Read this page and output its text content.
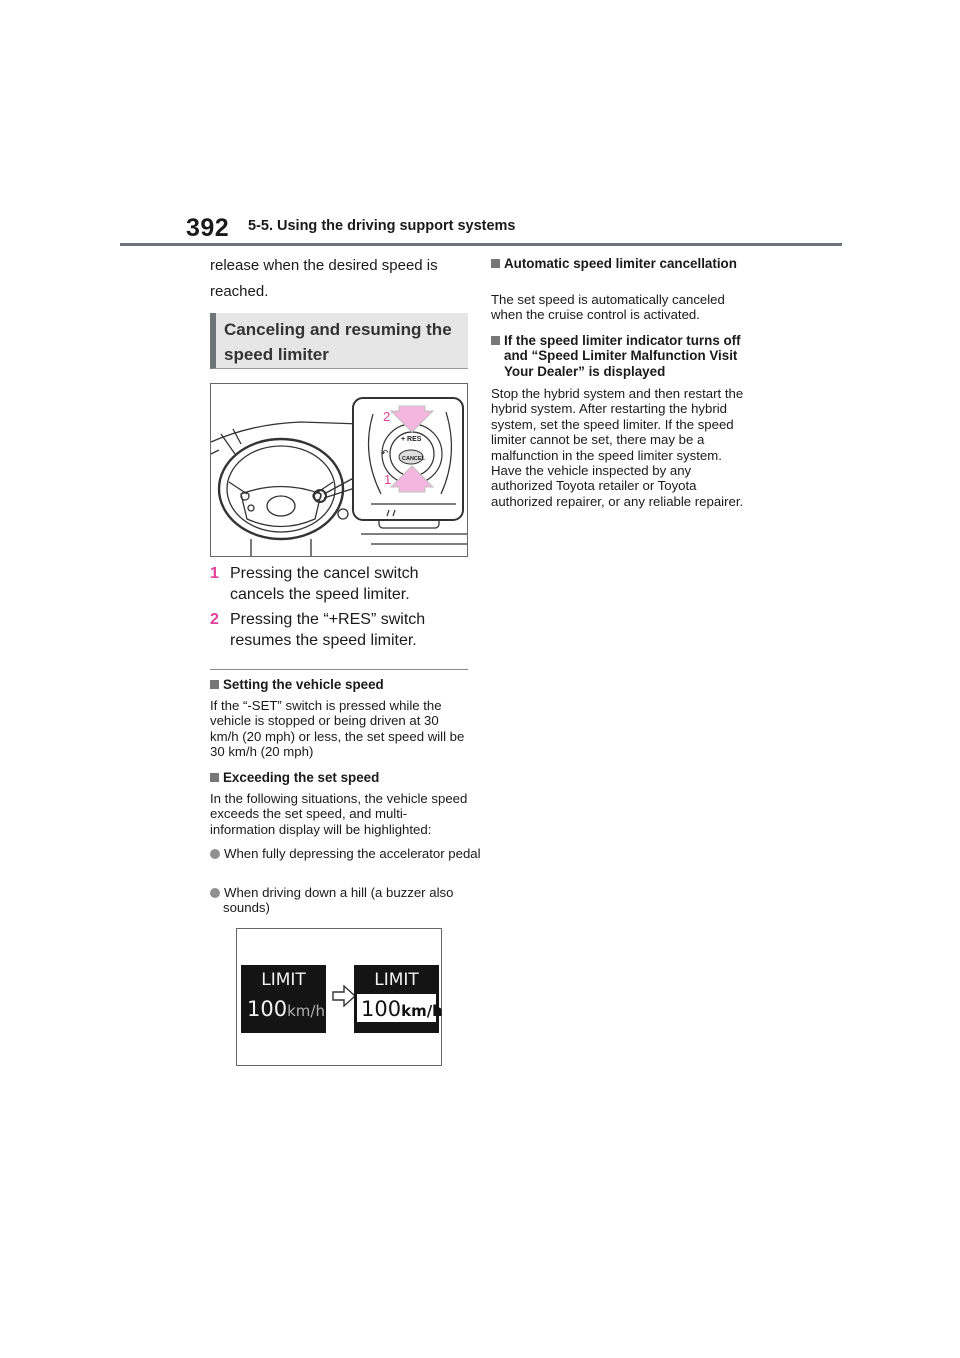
392 5-5. Using the driving support systems
release when the desired speed is reached.
Canceling and resuming the speed limiter
+ RES
CANCEL
↶
2
1
1 Pressing the cancel switch cancels the speed limiter.
2 Pressing the “+RES” switch resumes the speed limiter.
Setting the vehicle speed
If the “-SET” switch is pressed while the vehicle is stopped or being driven at 30 km/h (20 mph) or less, the set speed will be 30 km/h (20 mph)
Exceeding the set speed
In the following situations, the vehicle speed exceeds the set speed, and multi-information display will be highlighted:
When fully depressing the accelerator pedal
When driving down a hill (a buzzer also sounds)
LIMIT
100km/h
LIMIT
100km/h
Automatic speed limiter cancellation
The set speed is automatically canceled when the cruise control is activated.
If the speed limiter indicator turns off and “Speed Limiter Malfunction Visit Your Dealer” is displayed
Stop the hybrid system and then restart the hybrid system. After restarting the hybrid system, set the speed limiter. If the speed limiter cannot be set, there may be a malfunction in the speed limiter system. Have the vehicle inspected by any authorized Toyota retailer or Toyota authorized repairer, or any reliable repairer.
